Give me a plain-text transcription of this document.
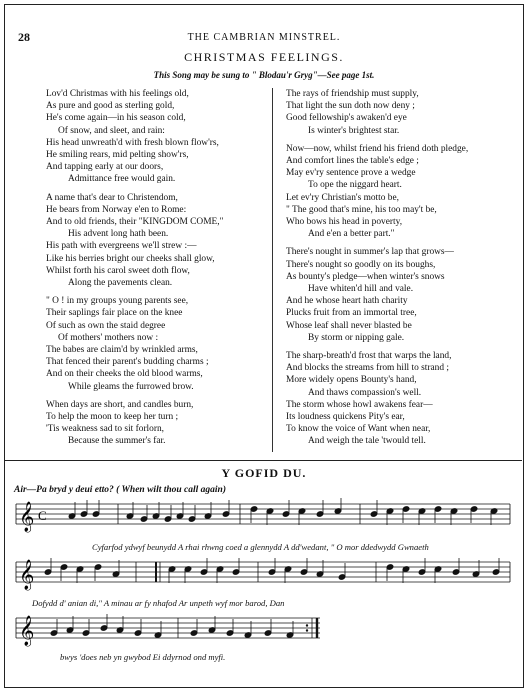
28	THE CAMBRIAN MINSTREL.
CHRISTMAS FEELINGS.
This Song may be sung to " Blodau'r Gryg"—See page 1st.
Lov'd Christmas with his feelings old,
As pure and good as sterling gold,
He's come again—in his season cold,
Of snow, and sleet, and rain:
His head unwreath'd with fresh blown flow'rs,
He smiling rears, mid pelting show'rs,
And tapping early at our doors,
Admittance free would gain.
A name that's dear to Christendom,
He bears from Norway e'en to Rome:
And to old friends, their "KINGDOM COME,"
His advent long hath been.
His path with evergreens we'll strew :—
Like his berries bright our cheeks shall glow,
Whilst forth his carol sweet doth flow,
Along the pavements clean.
" O ! in my groups young parents see,
Their saplings fair place on the knee
Of such as own the staid degree
Of mothers' mothers now :
The babes are claim'd by wrinkled arms,
That fenced their parent's budding charms ;
And on their cheeks the old blood warms,
While gleams the furrowed brow.
When days are short, and candles burn,
To help the moon to keep her turn ;
'Tis weakness sad to sit forlorn,
Because the summer's far.
The rays of friendship must supply,
That light the sun doth now deny ;
Good fellowship's awaken'd eye
Is winter's brightest star.
Now—now, whilst friend his friend doth pledge,
And comfort lines the table's edge ;
May ev'ry sentence prove a wedge
To ope the niggard heart.
Let ev'ry Christian's motto be,
" The good that's mine, his too may't be,
Who bows his head in poverty,
And e'en a better part."
There's nought in summer's lap that grows—
There's nought so goodly on its boughs,
As bounty's pledge—when winter's snows
Have whiten'd hill and vale.
And he whose heart hath charity
Plucks fruit from an immortal tree,
Whose leaf shall never blasted be
By storm or nipping gale.
The sharp-breath'd frost that warps the land,
And blocks the streams from hill to strand ;
More widely opens Bounty's hand,
And thaws compassion's well.
The storm whose howl awakens fear—
Its loudness quickens Pity's ear,
To know the voice of Want when near,
And weigh the tale 'twould tell.
Y GOFID DU.
Air—Pa bryd y deui etto? ( When wilt thou call again)
𝄞 C
Cyfarfod ydwyf beunydd A rhai rhwng coed a glennydd A dd'wedant, " O mor ddedwydd Gwnaeth
𝄞
Dofydd d' anian di," A minau ar fy nhafod Ar unpeth wyf mor barod, Dan
𝄞
bwys 'does neb yn gwybod Ei ddyrnod ond myfi.
